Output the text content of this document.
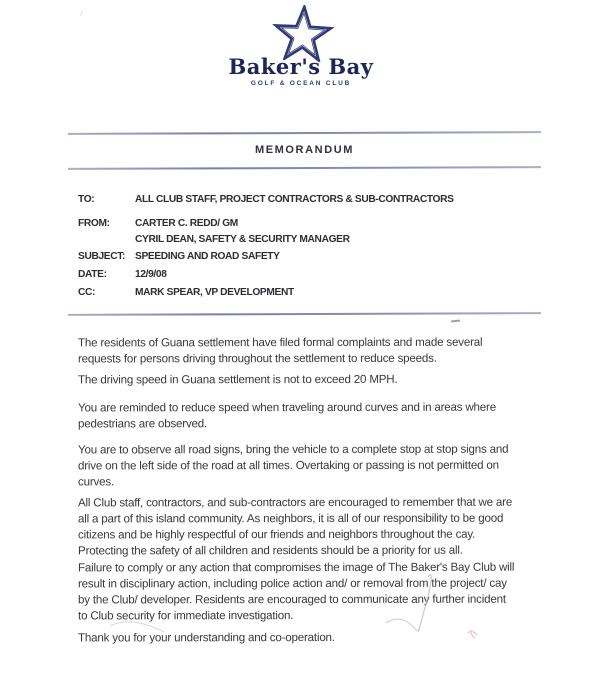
Baker's Bay
GOLF & OCEAN CLUB
MEMORANDUM
TO:	ALL CLUB STAFF, PROJECT CONTRACTORS & SUB-CONTRACTORS
FROM:	CARTER C. REDD/ GM
CYRIL DEAN, SAFETY & SECURITY MANAGER
SUBJECT: SPEEDING AND ROAD SAFETY
DATE:	12/9/08
CC:	MARK SPEAR, VP DEVELOPMENT
The residents of Guana settlement have filed formal complaints and made several
requests for persons driving throughout the settlement to reduce speeds.
The driving speed in Guana settlement is not to exceed 20 MPH.
You are reminded to reduce speed when traveling around curves and in areas where
pedestrians are observed.
You are to observe all road signs, bring the vehicle to a complete stop at stop signs and
drive on the left side of the road at all times. Overtaking or passing is not permitted on
curves.
All Club staff, contractors, and sub-contractors are encouraged to remember that we are
all a part of this island community. As neighbors, it is all of our responsibility to be good
citizens and be highly respectful of our friends and neighbors throughout the cay.
Protecting the safety of all children and residents should be a priority for us all.
Failure to comply or any action that compromises the image of The Baker's Bay Club will
result in disciplinary action, including police action and/ or removal from the project/ cay
by the Club/ developer. Residents are encouraged to communicate any further incident
to Club security for immediate investigation.
Thank you for your understanding and co-operation.
